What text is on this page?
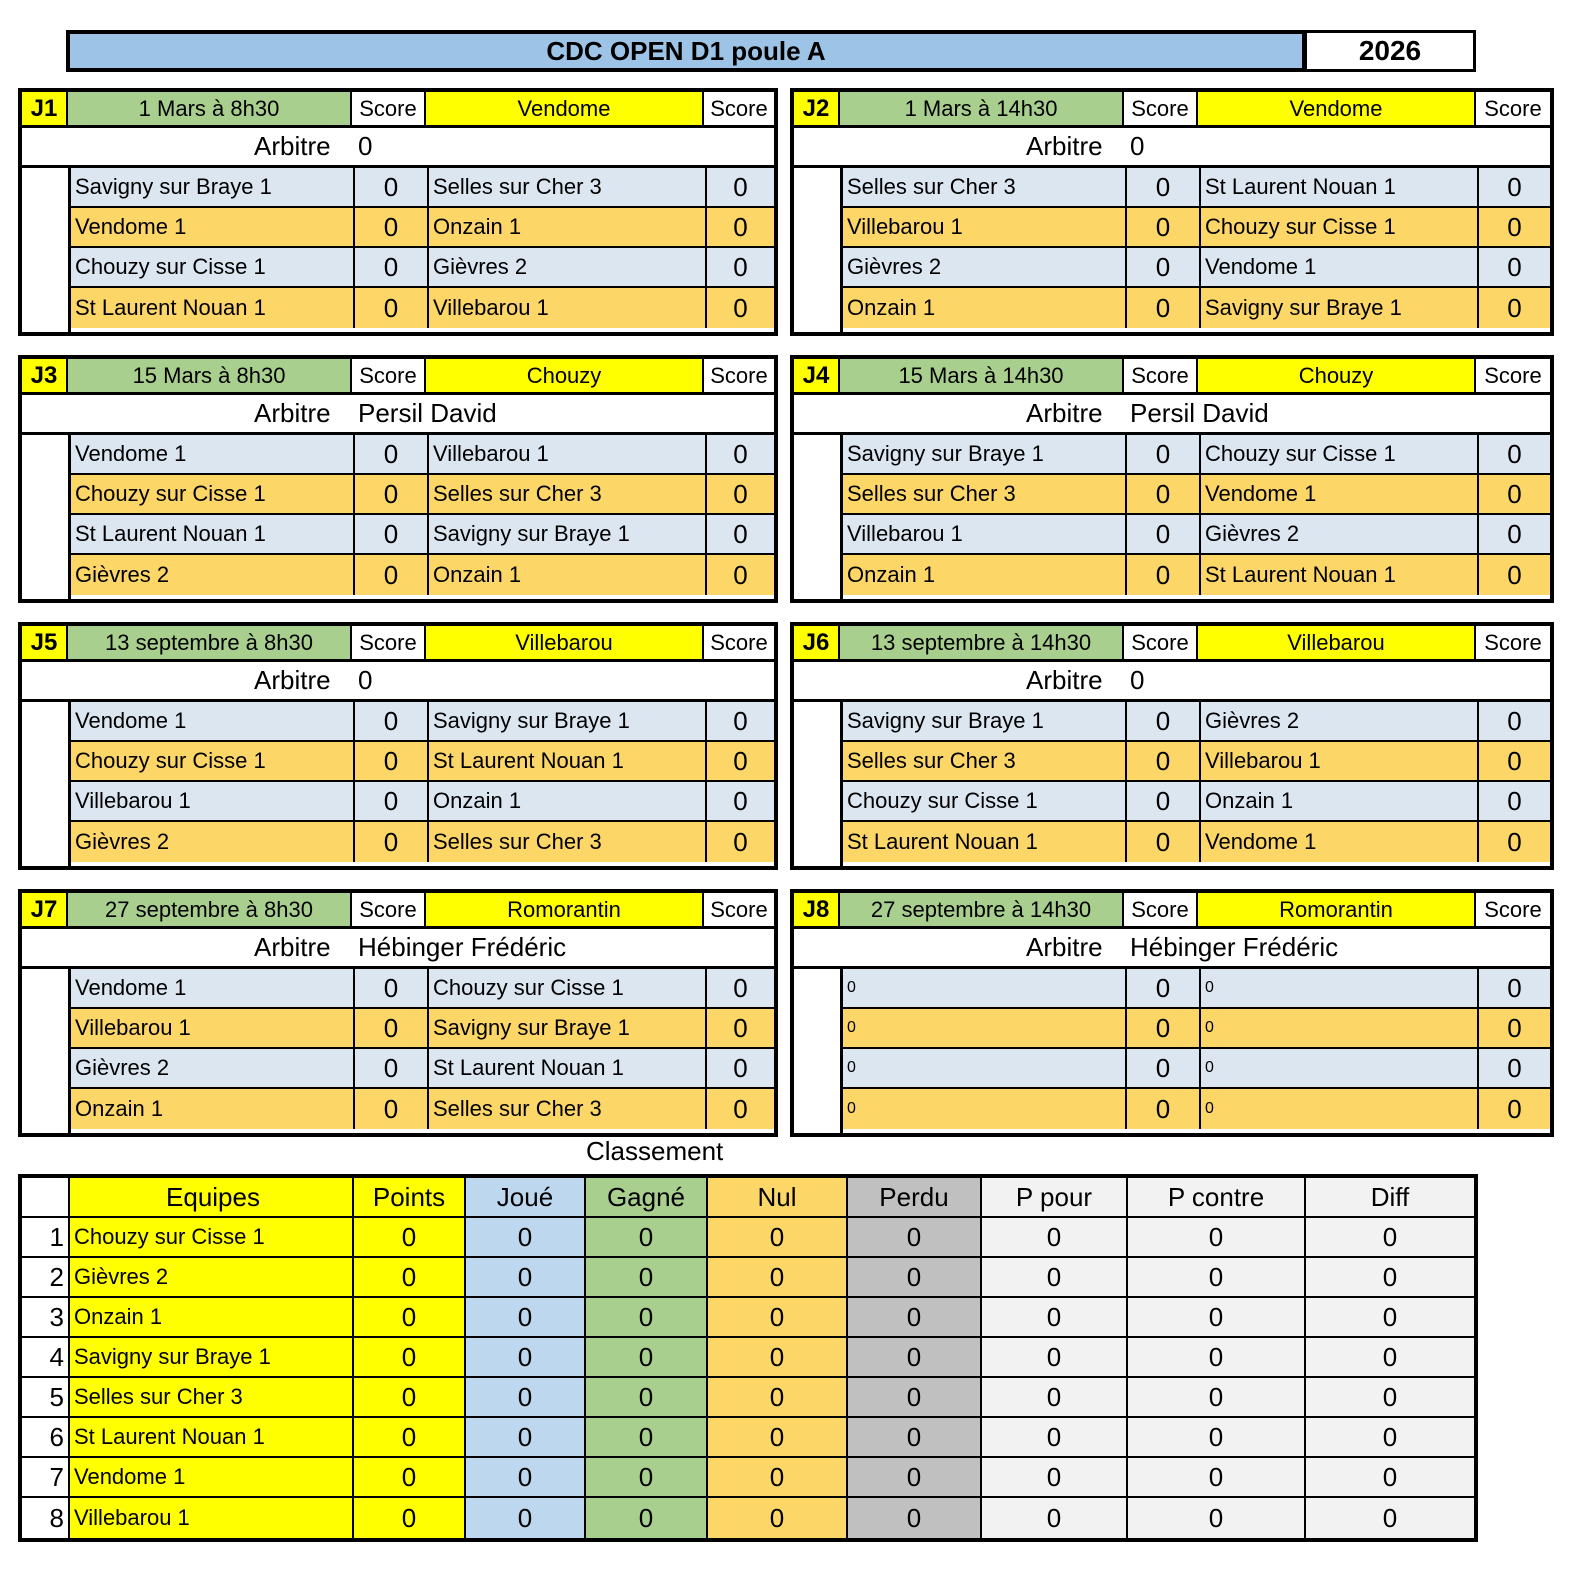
CDC OPEN D1 poule A	2026
J1	1 Mars à 8h30	Score	Vendome	Score
Arbitre 0
Savigny sur Braye 1	0	Selles sur Cher 3	0
Vendome 1	0	Onzain 1	0
Chouzy sur Cisse 1	0	Gièvres 2	0
St Laurent Nouan 1	0	Villebarou 1	0
J2	1 Mars à 14h30	Score	Vendome	Score
Arbitre 0
Selles sur Cher 3	0	St Laurent Nouan 1	0
Villebarou 1	0	Chouzy sur Cisse 1	0
Gièvres 2	0	Vendome 1	0
Onzain 1	0	Savigny sur Braye 1	0
J3	15 Mars à 8h30	Score	Chouzy	Score
Arbitre Persil David
Vendome 1	0	Villebarou 1	0
Chouzy sur Cisse 1	0	Selles sur Cher 3	0
St Laurent Nouan 1	0	Savigny sur Braye 1	0
Gièvres 2	0	Onzain 1	0
J4	15 Mars à 14h30	Score	Chouzy	Score
Arbitre Persil David
Savigny sur Braye 1	0	Chouzy sur Cisse 1	0
Selles sur Cher 3	0	Vendome 1	0
Villebarou 1	0	Gièvres 2	0
Onzain 1	0	St Laurent Nouan 1	0
J5	13 septembre à 8h30	Score	Villebarou	Score
Arbitre 0
Vendome 1	0	Savigny sur Braye 1	0
Chouzy sur Cisse 1	0	St Laurent Nouan 1	0
Villebarou 1	0	Onzain 1	0
Gièvres 2	0	Selles sur Cher 3	0
J6	13 septembre à 14h30	Score	Villebarou	Score
Arbitre 0
Savigny sur Braye 1	0	Gièvres 2	0
Selles sur Cher 3	0	Villebarou 1	0
Chouzy sur Cisse 1	0	Onzain 1	0
St Laurent Nouan 1	0	Vendome 1	0
J7	27 septembre à 8h30	Score	Romorantin	Score
Arbitre Hébinger Frédéric
Vendome 1	0	Chouzy sur Cisse 1	0
Villebarou 1	0	Savigny sur Braye 1	0
Gièvres 2	0	St Laurent Nouan 1	0
Onzain 1	0	Selles sur Cher 3	0
J8	27 septembre à 14h30	Score	Romorantin	Score
Arbitre Hébinger Frédéric
0	0	0	0
0	0	0	0
0	0	0	0
0	0	0	0
Classement
Equipes	Points	Joué	Gagné	Nul	Perdu	P pour	P contre	Diff
1 Chouzy sur Cisse 1	0	0	0	0	0	0	0	0
2 Gièvres 2	0	0	0	0	0	0	0	0
3 Onzain 1	0	0	0	0	0	0	0	0
4 Savigny sur Braye 1	0	0	0	0	0	0	0	0
5 Selles sur Cher 3	0	0	0	0	0	0	0	0
6 St Laurent Nouan 1	0	0	0	0	0	0	0	0
7 Vendome 1	0	0	0	0	0	0	0	0
8 Villebarou 1	0	0	0	0	0	0	0	0
